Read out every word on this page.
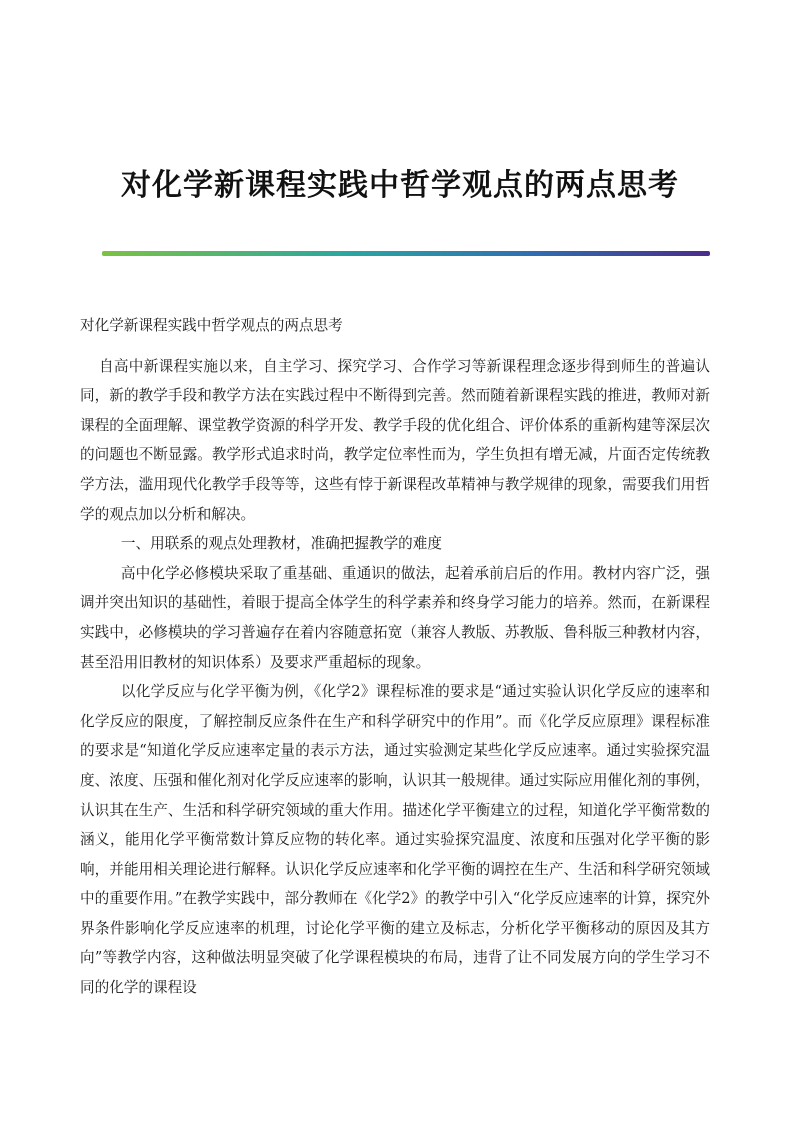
对化学新课程实践中哲学观点的两点思考

对化学新课程实践中哲学观点的两点思考

自高中新课程实施以来，自主学习、探究学习、合作学习等新课程理念逐步得到师生的普遍认同，新的教学手段和教学方法在实践过程中不断得到完善。然而随着新课程实践的推进，教师对新课程的全面理解、课堂教学资源的科学开发、教学手段的优化组合、评价体系的重新构建等深层次的问题也不断显露。教学形式追求时尚，教学定位率性而为，学生负担有增无减，片面否定传统教学方法，滥用现代化教学手段等等，这些有悖于新课程改革精神与教学规律的现象，需要我们用哲学的观点加以分析和解决。

一、用联系的观点处理教材，准确把握教学的难度

高中化学必修模块采取了重基础、重通识的做法，起着承前启后的作用。教材内容广泛，强调并突出知识的基础性，着眼于提高全体学生的科学素养和终身学习能力的培养。然而，在新课程实践中，必修模块的学习普遍存在着内容随意拓宽（兼容人教版、苏教版、鲁科版三种教材内容，甚至沿用旧教材的知识体系）及要求严重超标的现象。

以化学反应与化学平衡为例，《化学2》课程标准的要求是“通过实验认识化学反应的速率和化学反应的限度，了解控制反应条件在生产和科学研究中的作用”。而《化学反应原理》课程标准的要求是“知道化学反应速率定量的表示方法，通过实验测定某些化学反应速率。通过实验探究温度、浓度、压强和催化剂对化学反应速率的影响，认识其一般规律。通过实际应用催化剂的事例，认识其在生产、生活和科学研究领域的重大作用。描述化学平衡建立的过程，知道化学平衡常数的涵义，能用化学平衡常数计算反应物的转化率。通过实验探究温度、浓度和压强对化学平衡的影响，并能用相关理论进行解释。认识化学反应速率和化学平衡的调控在生产、生活和科学研究领域中的重要作用。”在教学实践中，部分教师在《化学2》的教学中引入“化学反应速率的计算，探究外界条件影响化学反应速率的机理，讨论化学平衡的建立及标志，分析化学平衡移动的原因及其方向”等教学内容，这种做法明显突破了化学课程模块的布局，违背了让不同发展方向的学生学习不同的化学的课程设
